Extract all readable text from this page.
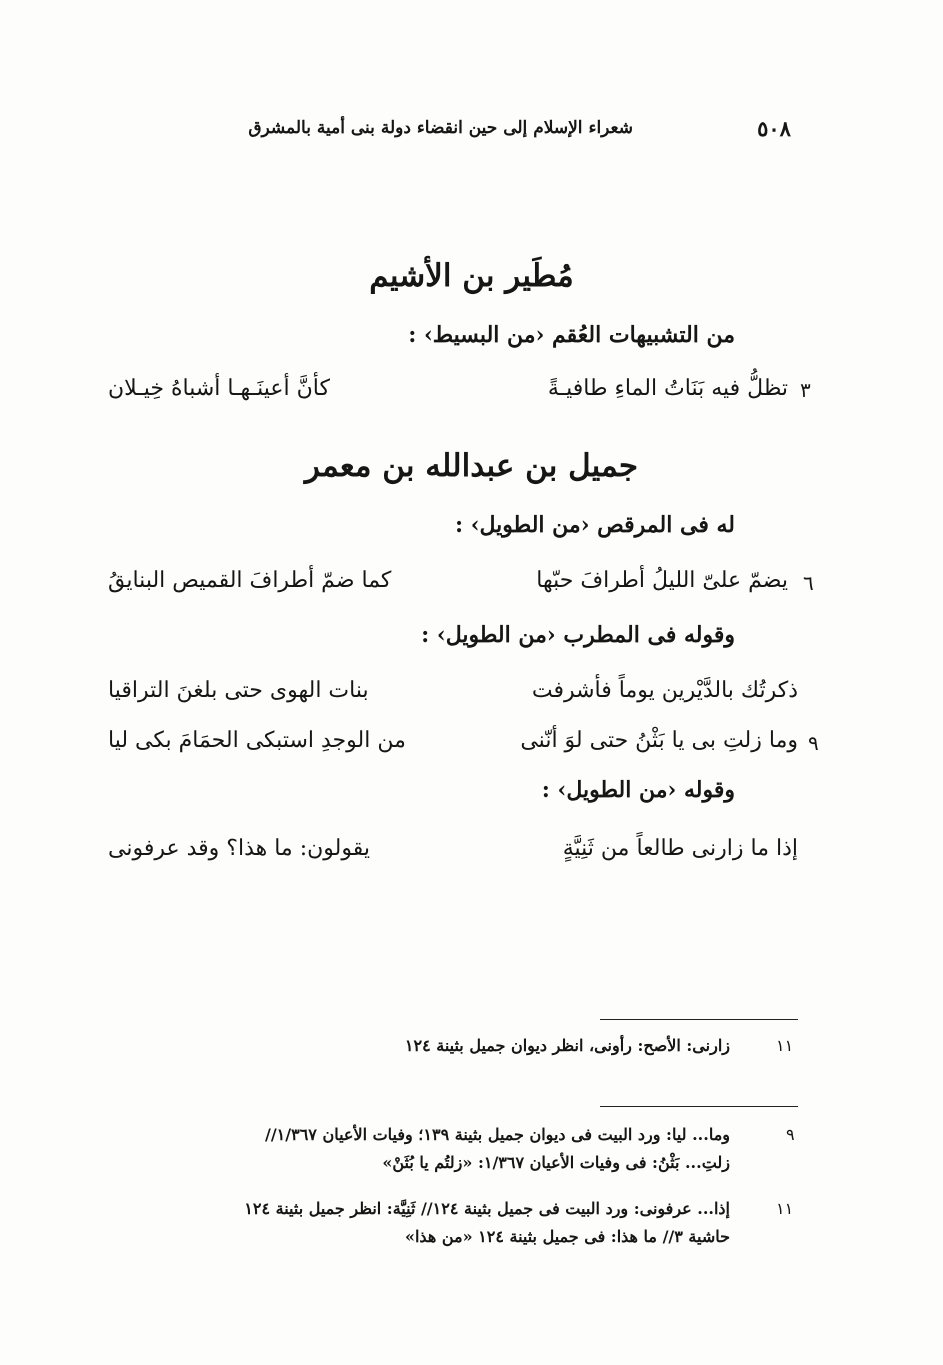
٥٠٨
شعراء الإسلام إلى حين انقضاء دولة بنى أمية بالمشرق
مُطَير بن الأشيم
من التشبيهات العُقم ‹من البسيط› :
٣
تظلُّ فيه بَنَاتُ الماءِ طافيـةً
كأنَّ أعينَـهـا أشباهُ خِيـلان
جميل بن عبدالله بن معمر
له فى المرقص ‹من الطويل› :
٦
يضمّ علىّ الليلُ أطرافَ حبّها
كما ضمّ أطرافَ القميص البنايقُ
وقوله فى المطرب ‹من الطويل› :
ذكرتُك بالدَّيْرين يوماً فأشرفت
بنات الهوى حتى بلغنَ التراقيا
٩
وما زلتِ بى يا بَثْنُ حتى لوَ أنّنى
من الوجدِ استبكى الحمَامَ بكى ليا
وقوله ‹من الطويل› :
إذا ما زارنى طالعاً من ثَنِيَّةٍ
يقولون: ما هذا؟ وقد عرفونى
١١
زارنى: الأصح: رأونى، انظر ديوان جميل بثينة ١٢٤
٩
وما... ليا: ورد البيت فى ديوان جميل بثينة ١٣٩؛ وفيات الأعيان ١/٣٦٧//
زلتِ... بَثْنُ: فى وفيات الأعيان ١/٣٦٧: «زلتُم يا بُثَنْ»
١١
إذا... عرفونى: ورد البيت فى جميل بثينة ١٢٤// ثَنِيَّة: انظر جميل بثينة ١٢٤
حاشية ٣// ما هذا: فى جميل بثينة ١٢٤ «من هذا»
